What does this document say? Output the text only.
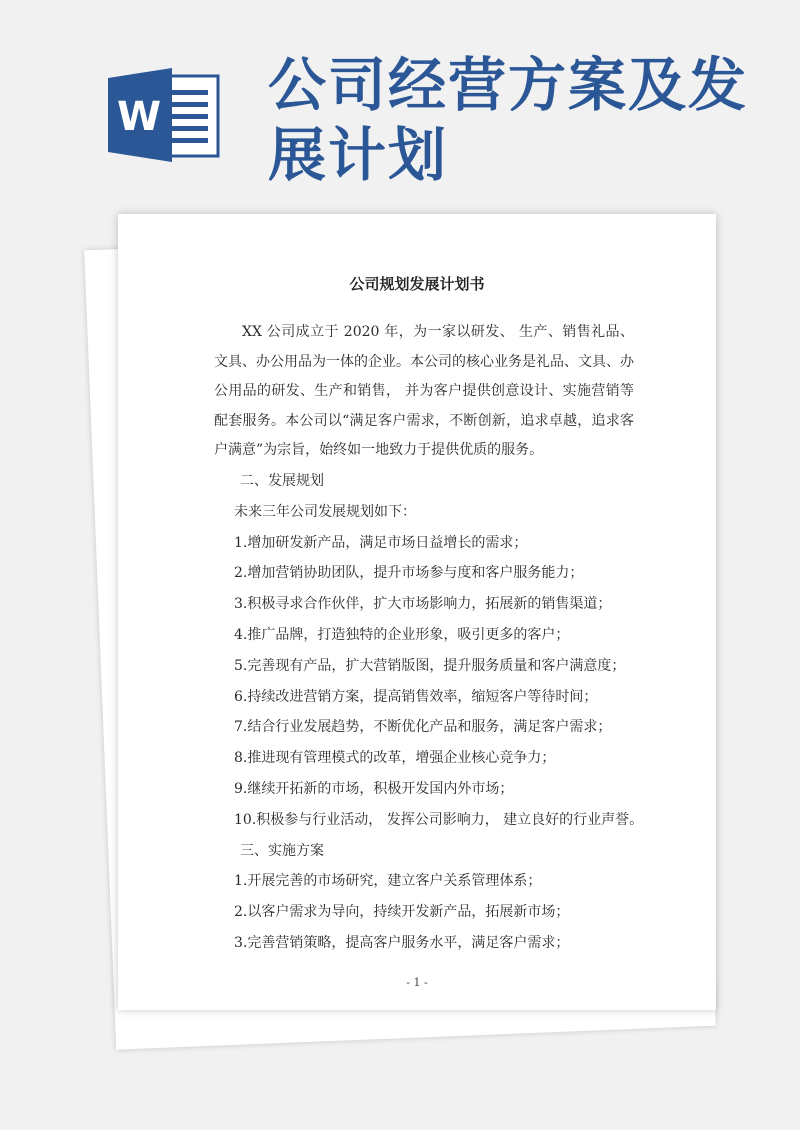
W 公司经营方案及发展计划
公司规划发展计划书

XX 公司成立于 2020 年，为一家以研发、 生产、销售礼品、 文具、办公用品为一体的企业。本公司的核心业务是礼品、文具、办公用品的研发、生产和销售， 并为客户提供创意设计、实施营销等配套服务。本公司以“满足客户需求，不断创新，追求卓越，追求客户满意”为宗旨，始终如一地致力于提供优质的服务。

二、发展规划
未来三年公司发展规划如下：
1.增加研发新产品，满足市场日益增长的需求；
2.增加营销协助团队，提升市场参与度和客户服务能力；
3.积极寻求合作伙伴，扩大市场影响力，拓展新的销售渠道；
4.推广品牌，打造独特的企业形象，吸引更多的客户；
5.完善现有产品，扩大营销版图，提升服务质量和客户满意度；
6.持续改进营销方案，提高销售效率，缩短客户等待时间；
7.结合行业发展趋势，不断优化产品和服务，满足客户需求；
8.推进现有管理模式的改革，增强企业核心竞争力；
9.继续开拓新的市场，积极开发国内外市场；
10.积极参与行业活动， 发挥公司影响力， 建立良好的行业声誉。
三、实施方案
1.开展完善的市场研究，建立客户关系管理体系；
2.以客户需求为导向，持续开发新产品，拓展新市场；
3.完善营销策略，提高客户服务水平，满足客户需求；
- 1 -
